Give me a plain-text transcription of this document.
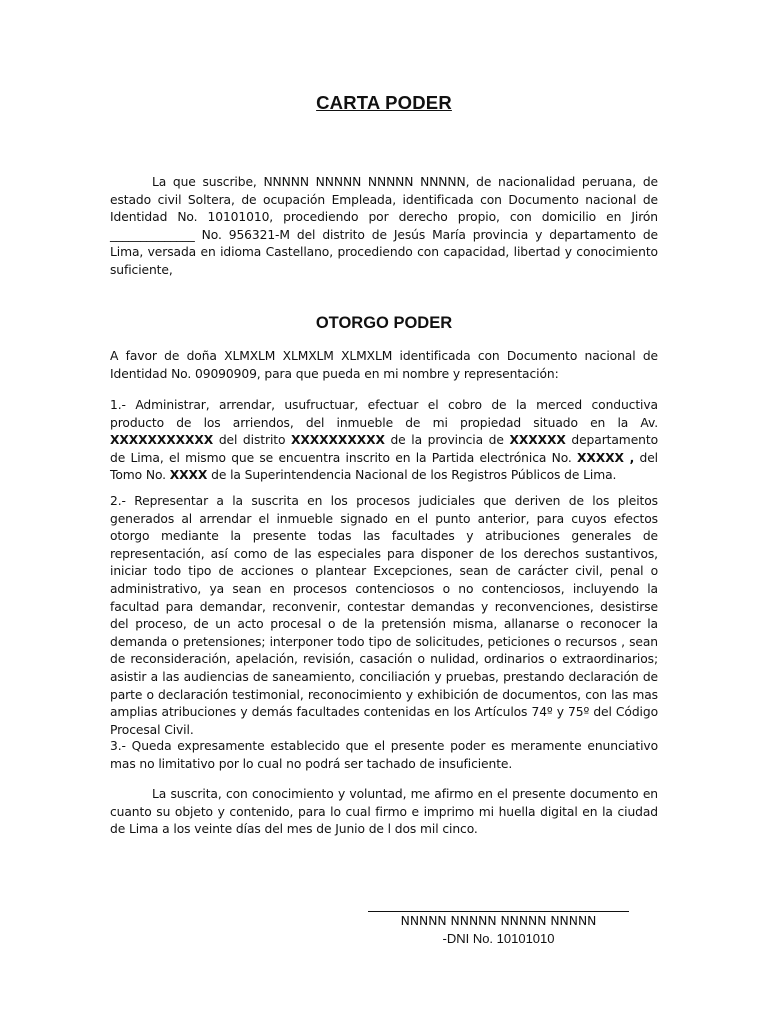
CARTA PODER
La que suscribe, NNNNN NNNNN NNNNN NNNNN, de nacionalidad peruana, de estado civil Soltera, de ocupación Empleada, identificada con Documento nacional de Identidad No. 10101010, procediendo por derecho propio, con domicilio en Jirón ______________ No. 956321-M del distrito de Jesús María provincia y departamento de Lima, versada en idioma Castellano, procediendo con capacidad, libertad y conocimiento suficiente,
OTORGO PODER
A favor de doña XLMXLM XLMXLM XLMXLM identificada con Documento nacional de Identidad No. 09090909, para que pueda en mi nombre y representación:
1.- Administrar, arrendar, usufructuar, efectuar el cobro de la merced conductiva producto de los arriendos, del inmueble de mi propiedad situado en la Av. XXXXXXXXXXX del distrito XXXXXXXXXX de la provincia de XXXXXX departamento de Lima, el mismo que se encuentra inscrito en la Partida electrónica No. XXXXX , del Tomo No. XXXX de la Superintendencia Nacional de los Registros Públicos de Lima.
2.- Representar a la suscrita en los procesos judiciales que deriven de los pleitos generados al arrendar el inmueble signado en el punto anterior, para cuyos efectos otorgo mediante la presente todas las facultades y atribuciones generales de representación, así como de las especiales para disponer de los derechos sustantivos, iniciar todo tipo de acciones o plantear Excepciones, sean de carácter civil, penal o administrativo, ya sean en procesos contenciosos o no contenciosos, incluyendo la facultad para demandar, reconvenir, contestar demandas y reconvenciones, desistirse del proceso, de un acto procesal o de la pretensión misma, allanarse o reconocer la demanda o pretensiones; interponer todo tipo de solicitudes, peticiones o recursos , sean de reconsideración, apelación, revisión, casación o nulidad, ordinarios o extraordinarios; asistir a las audiencias de saneamiento, conciliación y pruebas, prestando declaración de parte o declaración testimonial, reconocimiento y exhibición de documentos, con las mas amplias atribuciones y demás facultades contenidas en los Artículos 74º y 75º del Código Procesal Civil.
3.- Queda expresamente establecido que el presente poder es meramente enunciativo mas no limitativo por lo cual no podrá ser tachado de insuficiente.
La suscrita, con conocimiento y voluntad, me afirmo en el presente documento en cuanto su objeto y contenido, para lo cual firmo e imprimo mi huella digital en la ciudad de Lima a los veinte días del mes de Junio de l dos mil cinco.
NNNNN NNNNN NNNNN NNNNN
-DNI No. 10101010
